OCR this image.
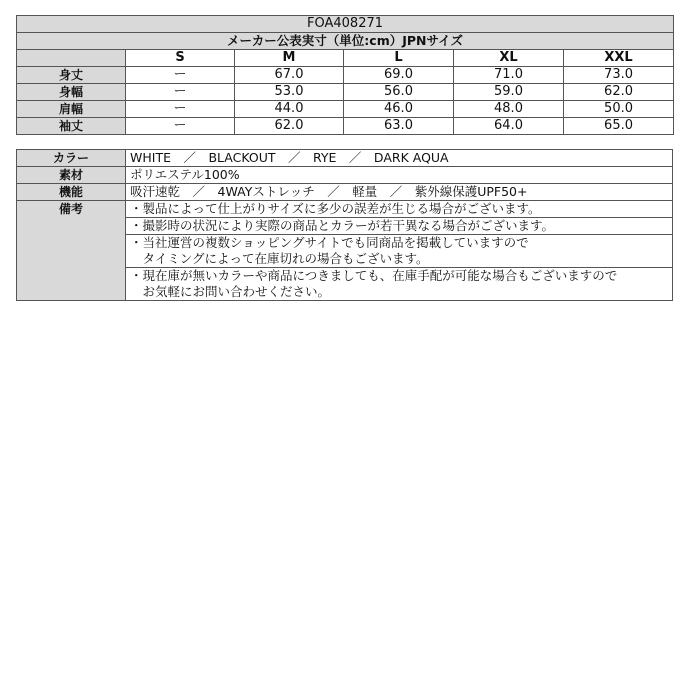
FOA408271					
メーカー公表実寸（単位:cm）JPNサイズ					
	S	M	L	XL	XXL
身丈	ー	67.0	69.0	71.0	73.0
身幅	ー	53.0	56.0	59.0	62.0
肩幅	ー	44.0	46.0	48.0	50.0
袖丈	ー	62.0	63.0	64.0	65.0
カラー	WHITE　／　BLACKOUT　／　RYE　／　DARK AQUA
素材	ポリエステル100%
機能	吸汗速乾　／　4WAYストレッチ　／　軽量　／　紫外線保護UPF50+
備考	・製品によって仕上がりサイズに多少の誤差が生じる場合がございます。

	・撮影時の状況により実際の商品とカラーが若干異なる場合がございます。

	・当社運営の複数ショッピングサイトでも同商品を掲載していますので
　タイミングによって在庫切れの場合もございます。

	・現在庫が無いカラーや商品につきましても、在庫手配が可能な場合もございますので
　お気軽にお問い合わせください。
